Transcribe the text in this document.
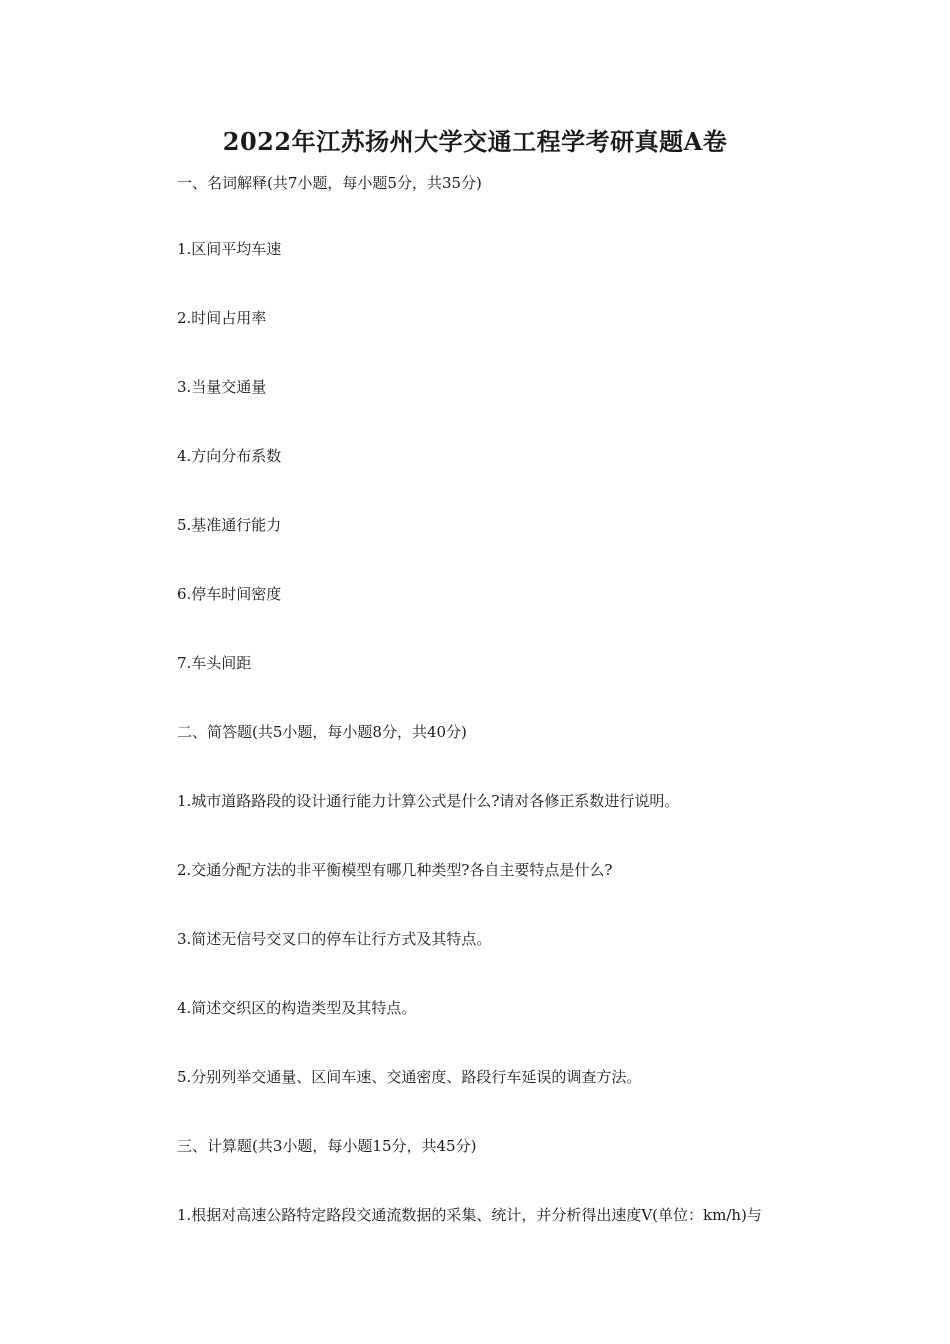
2022年江苏扬州大学交通工程学考研真题A卷
一、名词解释(共7小题，每小题5分，共35分)
1.区间平均车速
2.时间占用率
3.当量交通量
4.方向分布系数
5.基准通行能力
6.停车时间密度
7.车头间距
二、简答题(共5小题，每小题8分，共40分)
1.城市道路路段的设计通行能力计算公式是什么?请对各修正系数进行说明。
2.交通分配方法的非平衡模型有哪几种类型?各自主要特点是什么?
3.简述无信号交叉口的停车让行方式及其特点。
4.简述交织区的构造类型及其特点。
5.分别列举交通量、区间车速、交通密度、路段行车延误的调查方法。
三、计算题(共3小题，每小题15分，共45分)
1.根据对高速公路特定路段交通流数据的采集、统计，并分析得出速度V(单位：km/h)与
